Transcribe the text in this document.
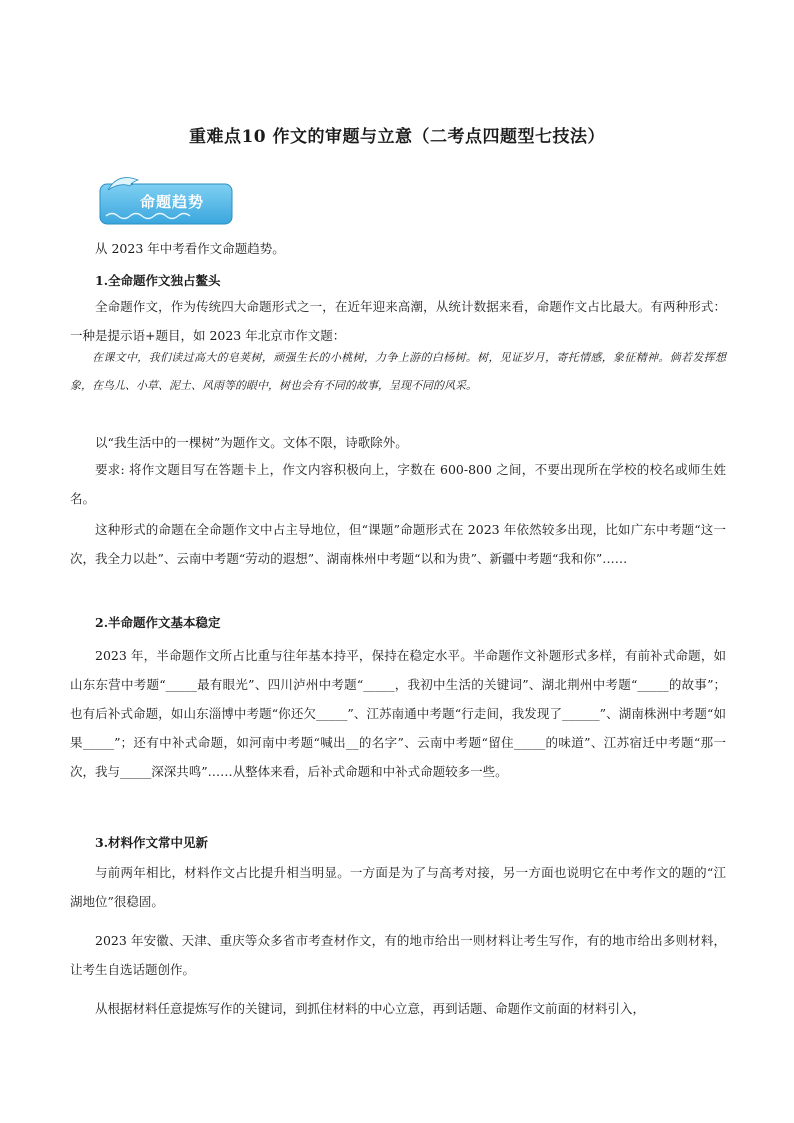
重难点10 作文的审题与立意（二考点四题型七技法）
命题趋势

从 2023 年中考看作文命题趋势。

1.全命题作文独占鳌头

全命题作文，作为传统四大命题形式之一，在近年迎来高潮，从统计数据来看，命题作文占比最大。有两种形式：一种是提示语+题目，如 2023 年北京市作文题：

在课文中，我们读过高大的皂荚树，顽强生长的小桃树，力争上游的白杨树。树，见证岁月，寄托情感，象征精神。倘若发挥想象，在鸟儿、小草、泥土、风雨等的眼中，树也会有不同的故事，呈现不同的风采。

以“我生活中的一棵树”为题作文。文体不限，诗歌除外。

要求: 将作文题目写在答题卡上，作文内容积极向上，字数在 600-800 之间，不要出现所在学校的校名或师生姓名。

这种形式的命题在全命题作文中占主导地位，但“课题”命题形式在 2023 年依然较多出现，比如广东中考题“这一次，我全力以赴”、云南中考题“劳动的遐想”、湖南株州中考题“以和为贵”、新疆中考题“我和你”……

2.半命题作文基本稳定

2023 年，半命题作文所占比重与往年基本持平，保持在稳定水平。半命题作文补题形式多样，有前补式命题，如山东东营中考题“_____最有眼光”、四川泸州中考题“_____，我初中生活的关键词”、湖北荆州中考题“_____的故事”；也有后补式命题，如山东淄博中考题“你还欠_____”、江苏南通中考题“行走间，我发现了______”、湖南株洲中考题“如果_____”；还有中补式命题，如河南中考题“喊出__的名字”、云南中考题“留住_____的味道”、江苏宿迁中考题“那一次，我与_____深深共鸣”……从整体来看，后补式命题和中补式命题较多一些。

3.材料作文常中见新

与前两年相比，材料作文占比提升相当明显。一方面是为了与高考对接，另一方面也说明它在中考作文的题的“江湖地位”很稳固。

2023 年安徽、天津、重庆等众多省市考查材作文，有的地市给出一则材料让考生写作，有的地市给出多则材料，让考生自选话题创作。

从根据材料任意提炼写作的关键词，到抓住材料的中心立意，再到话题、命题作文前面的材料引入，
